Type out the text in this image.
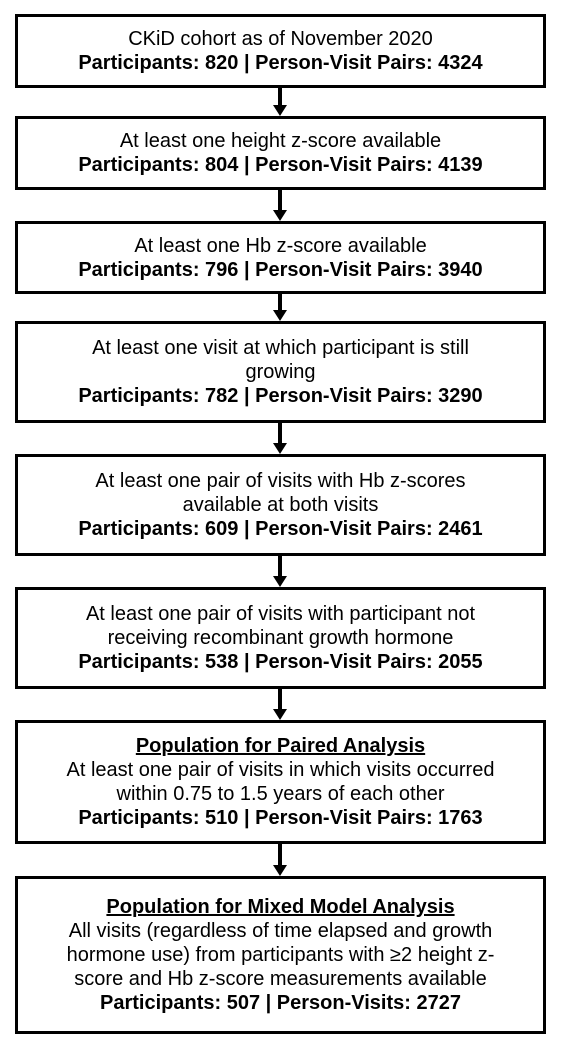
CKiD cohort as of November 2020
Participants: 820 | Person-Visit Pairs: 4324
At least one height z-score available
Participants: 804 | Person-Visit Pairs: 4139
At least one Hb z-score available
Participants: 796 | Person-Visit Pairs: 3940
At least one visit at which participant is still
growing
Participants: 782 | Person-Visit Pairs: 3290
At least one pair of visits with Hb z-scores
available at both visits
Participants: 609 | Person-Visit Pairs: 2461
At least one pair of visits with participant not
receiving recombinant growth hormone
Participants: 538 | Person-Visit Pairs: 2055
Population for Paired Analysis
At least one pair of visits in which visits occurred
within 0.75 to 1.5 years of each other
Participants: 510 | Person-Visit Pairs: 1763
Population for Mixed Model Analysis
All visits (regardless of time elapsed and growth
hormone use) from participants with ≥2 height z-
score and Hb z-score measurements available
Participants: 507 | Person-Visits: 2727
